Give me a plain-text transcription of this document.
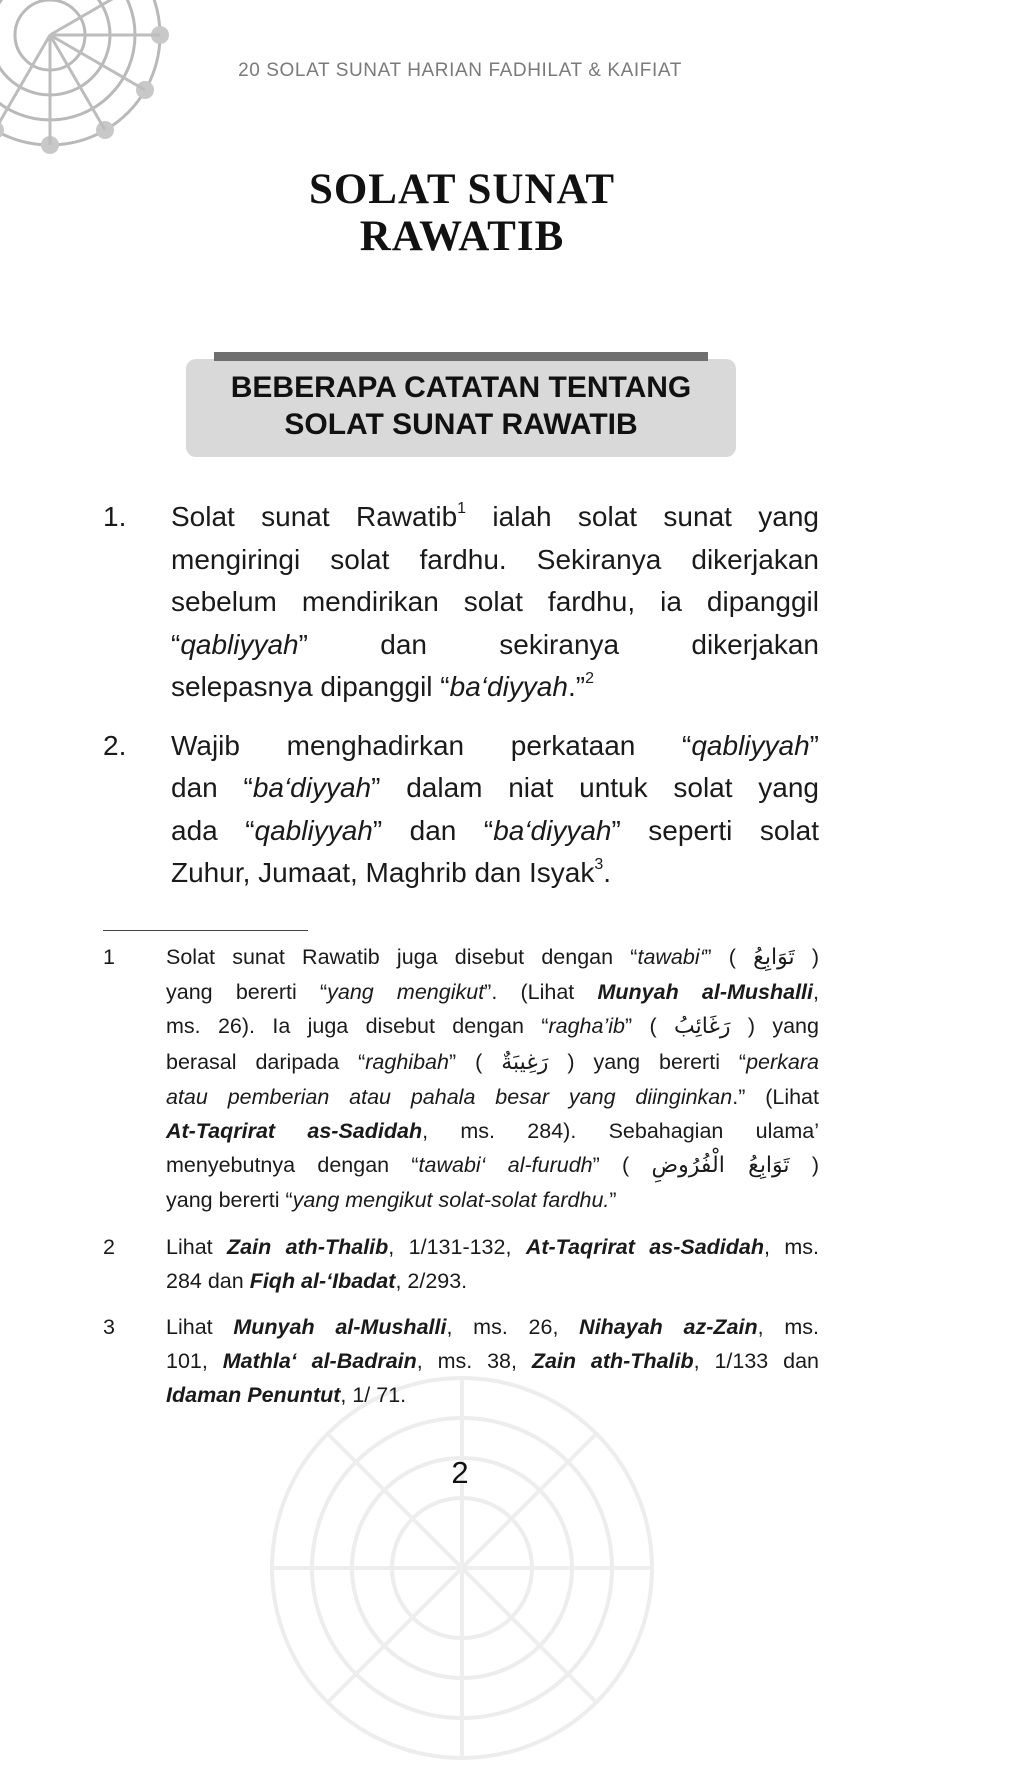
20 SOLAT SUNAT HARIAN FADHILAT & KAIFIAT
SOLAT SUNAT
RAWATIB
BEBERAPA CATATAN TENTANG
SOLAT SUNAT RAWATIB
1. Solat sunat Rawatib$^1$ ialah solat sunat yang
mengiringi solat fardhu. Sekiranya dikerjakan
sebelum mendirikan solat fardhu, ia dipanggil
“qabliyyah” dan sekiranya dikerjakan
selepasnya dipanggil “ba‘diyyah.”$^2$
2. Wajib menghadirkan perkataan “qabliyyah”
dan “ba‘diyyah” dalam niat untuk solat yang
ada “qabliyyah” dan “ba‘diyyah” seperti solat
Zuhur, Jumaat, Maghrib dan Isyak$^3$.
1 Solat sunat Rawatib juga disebut dengan “tawabi‘” ( تَوَابِعُ )
yang bererti “yang mengikut”. (Lihat Munyah al-Mushalli,
ms. 26). Ia juga disebut dengan “ragha’ib” ( رَغَائِبُ ) yang
berasal daripada “raghibah” ( رَغِيبَةٌ ) yang bererti “perkara
atau pemberian atau pahala besar yang diinginkan.” (Lihat
At-Taqrirat as-Sadidah, ms. 284). Sebahagian ulama’
menyebutnya dengan “tawabi‘ al-furudh” ( تَوَابِعُ الْفُرُوضِ )
yang bererti “yang mengikut solat-solat fardhu.”
2 Lihat Zain ath-Thalib, 1/131-132, At-Taqrirat as-Sadidah, ms.
284 dan Fiqh al-‘Ibadat, 2/293.
3 Lihat Munyah al-Mushalli, ms. 26, Nihayah az-Zain, ms.
101, Mathla‘ al-Badrain, ms. 38, Zain ath-Thalib, 1/133 dan
Idaman Penuntut, 1/ 71.
2
